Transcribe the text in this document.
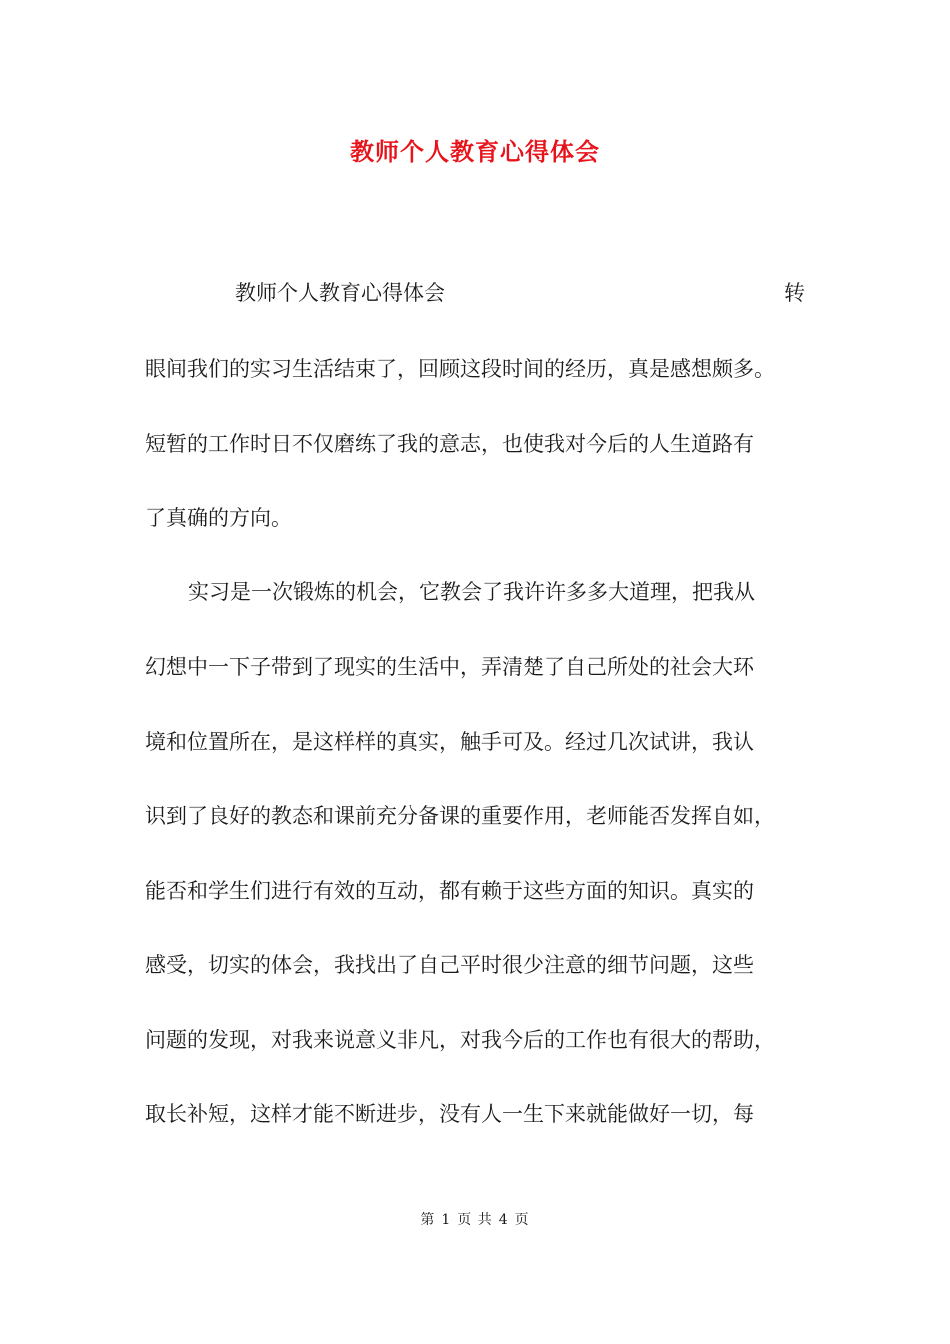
教师个人教育心得体会
教师个人教育心得体会	转

眼间我们的实习生活结束了，回顾这段时间的经历，真是感想颇多。

短暂的工作时日不仅磨练了我的意志，也使我对今后的人生道路有

了真确的方向。

实习是一次锻炼的机会，它教会了我许许多多大道理，把我从

幻想中一下子带到了现实的生活中，弄清楚了自己所处的社会大环

境和位置所在，是这样样的真实，触手可及。经过几次试讲，我认

识到了良好的教态和课前充分备课的重要作用，老师能否发挥自如，

能否和学生们进行有效的互动，都有赖于这些方面的知识。真实的

感受，切实的体会，我找出了自己平时很少注意的细节问题，这些

问题的发现，对我来说意义非凡，对我今后的工作也有很大的帮助，

取长补短，这样才能不断进步，没有人一生下来就能做好一切，每

第 1 页 共 4 页
